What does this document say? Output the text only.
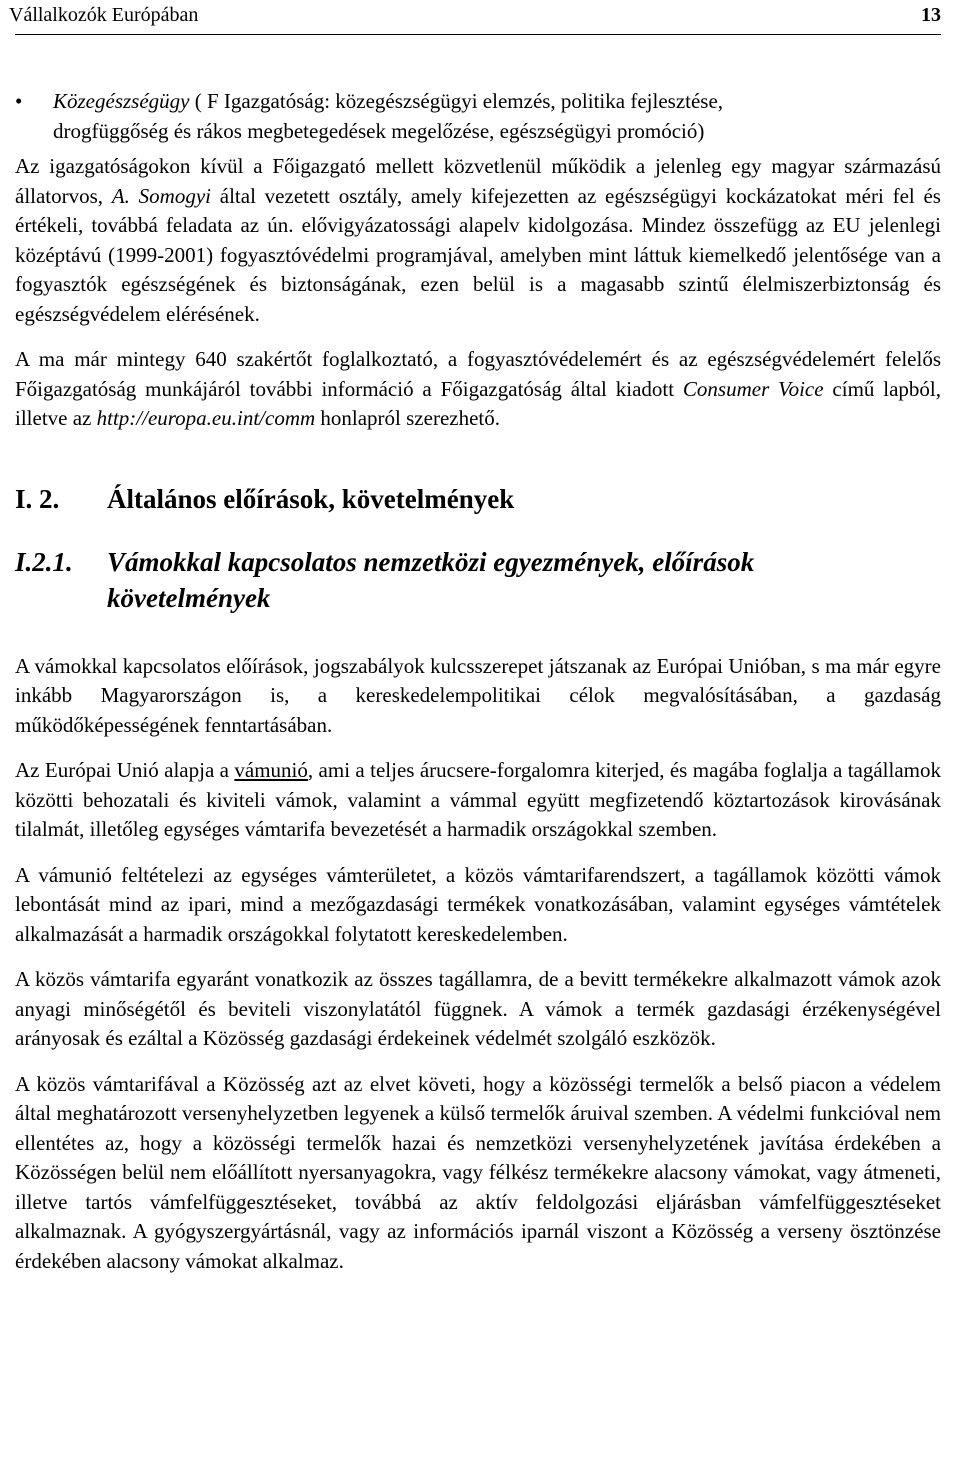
Vállalkozók Európában	13

• Közegészségügy ( F Igazgatóság: közegészségügyi elemzés, politika fejlesztése,
drogfüggőség és rákos megbetegedések megelőzése, egészségügyi promóció)

Az igazgatóságokon kívül a Főigazgató mellett közvetlenül működik a jelenleg egy magyar származású állatorvos, A. Somogyi által vezetett osztály, amely kifejezetten az egészségügyi kockázatokat méri fel és értékeli, továbbá feladata az ún. elővigyázatossági alapelv kidolgozása. Mindez összefügg az EU jelenlegi középtávú (1999-2001) fogyasztóvédelmi programjával, amelyben mint láttuk kiemelkedő jelentősége van a fogyasztók egészségének és biztonságának, ezen belül is a magasabb szintű élelmiszerbiztonság és egészségvédelem elérésének.

A ma már mintegy 640 szakértőt foglalkoztató, a fogyasztóvédelemért és az egészségvédelemért felelős Főigazgatóság munkájáról további információ a Főigazgatóság által kiadott Consumer Voice című lapból, illetve az http://europa.eu.int/comm honlapról szerezhető.

I. 2.	Általános előírások, követelmények
I.2.1.	Vámokkal kapcsolatos nemzetközi egyezmények, előírások követelmények

A vámokkal kapcsolatos előírások, jogszabályok kulcsszerepet játszanak az Európai Unióban, s ma már egyre inkább Magyarországon is, a kereskedelempolitikai célok megvalósításában, a gazdaság működőképességének fenntartásában.

Az Európai Unió alapja a vámunió, ami a teljes árucsere-forgalomra kiterjed, és magába foglalja a tagállamok közötti behozatali és kiviteli vámok, valamint a vámmal együtt megfizetendő köztartozások kirovásának tilalmát, illetőleg egységes vámtarifa bevezetését a harmadik országokkal szemben.

A vámunió feltételezi az egységes vámterületet, a közös vámtarifarendszert, a tagállamok közötti vámok lebontását mind az ipari, mind a mezőgazdasági termékek vonatkozásában, valamint egységes vámtételek alkalmazását a harmadik országokkal folytatott kereskedelemben.

A közös vámtarifa egyaránt vonatkozik az összes tagállamra, de a bevitt termékekre alkalmazott vámok azok anyagi minőségétől és beviteli viszonylatától függnek. A vámok a termék gazdasági érzékenységével arányosak és ezáltal a Közösség gazdasági érdekeinek védelmét szolgáló eszközök.

A közös vámtarifával a Közösség azt az elvet követi, hogy a közösségi termelők a belső piacon a védelem által meghatározott versenyhelyzetben legyenek a külső termelők áruival szemben. A védelmi funkcióval nem ellentétes az, hogy a közösségi termelők hazai és nemzetközi versenyhelyzetének javítása érdekében a Közösségen belül nem előállított nyersanyagokra, vagy félkész termékekre alacsony vámokat, vagy átmeneti, illetve tartós vámfelfüggesztéseket, továbbá az aktív feldolgozási eljárásban vámfelfüggesztéseket alkalmaznak. A gyógyszergyártásnál, vagy az információs iparnál viszont a Közösség a verseny ösztönzése érdekében alacsony vámokat alkalmaz.
